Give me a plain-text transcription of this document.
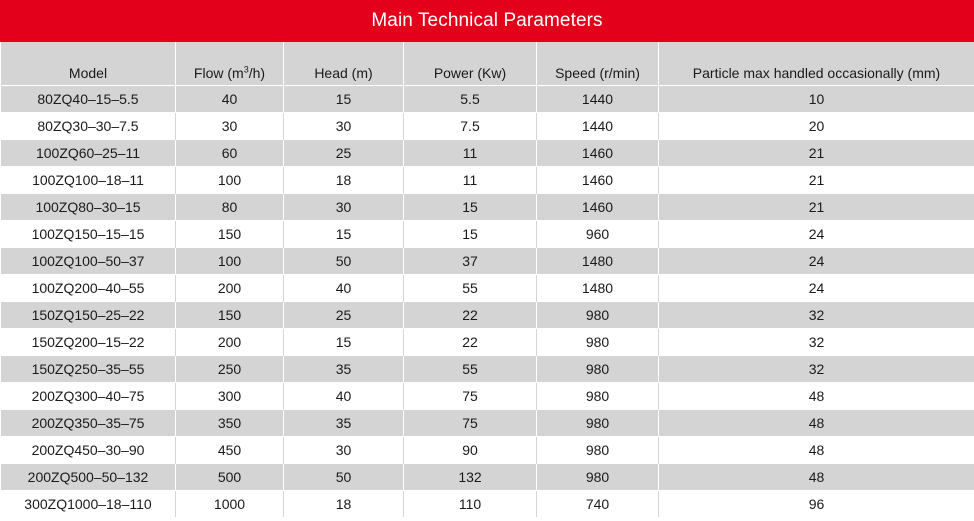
Main Technical Parameters
Model	Flow $(m^3/h)$	Head (m)	Power (Kw)	Speed (r/min)	Particle max handled occasionally (mm)
80ZQ40–15–5.5	40	15	5.5	1440	10
80ZQ30–30–7.5	30	30	7.5	1440	20
100ZQ60–25–11	60	25	11	1460	21
100ZQ100–18–11	100	18	11	1460	21
100ZQ80–30–15	80	30	15	1460	21
100ZQ150–15–15	150	15	15	960	24
100ZQ100–50–37	100	50	37	1480	24
100ZQ200–40–55	200	40	55	1480	24
150ZQ150–25–22	150	25	22	980	32
150ZQ200–15–22	200	15	22	980	32
150ZQ250–35–55	250	35	55	980	32
200ZQ300–40–75	300	40	75	980	48
200ZQ350–35–75	350	35	75	980	48
200ZQ450–30–90	450	30	90	980	48
200ZQ500–50–132	500	50	132	980	48
300ZQ1000–18–110	1000	18	110	740	96
